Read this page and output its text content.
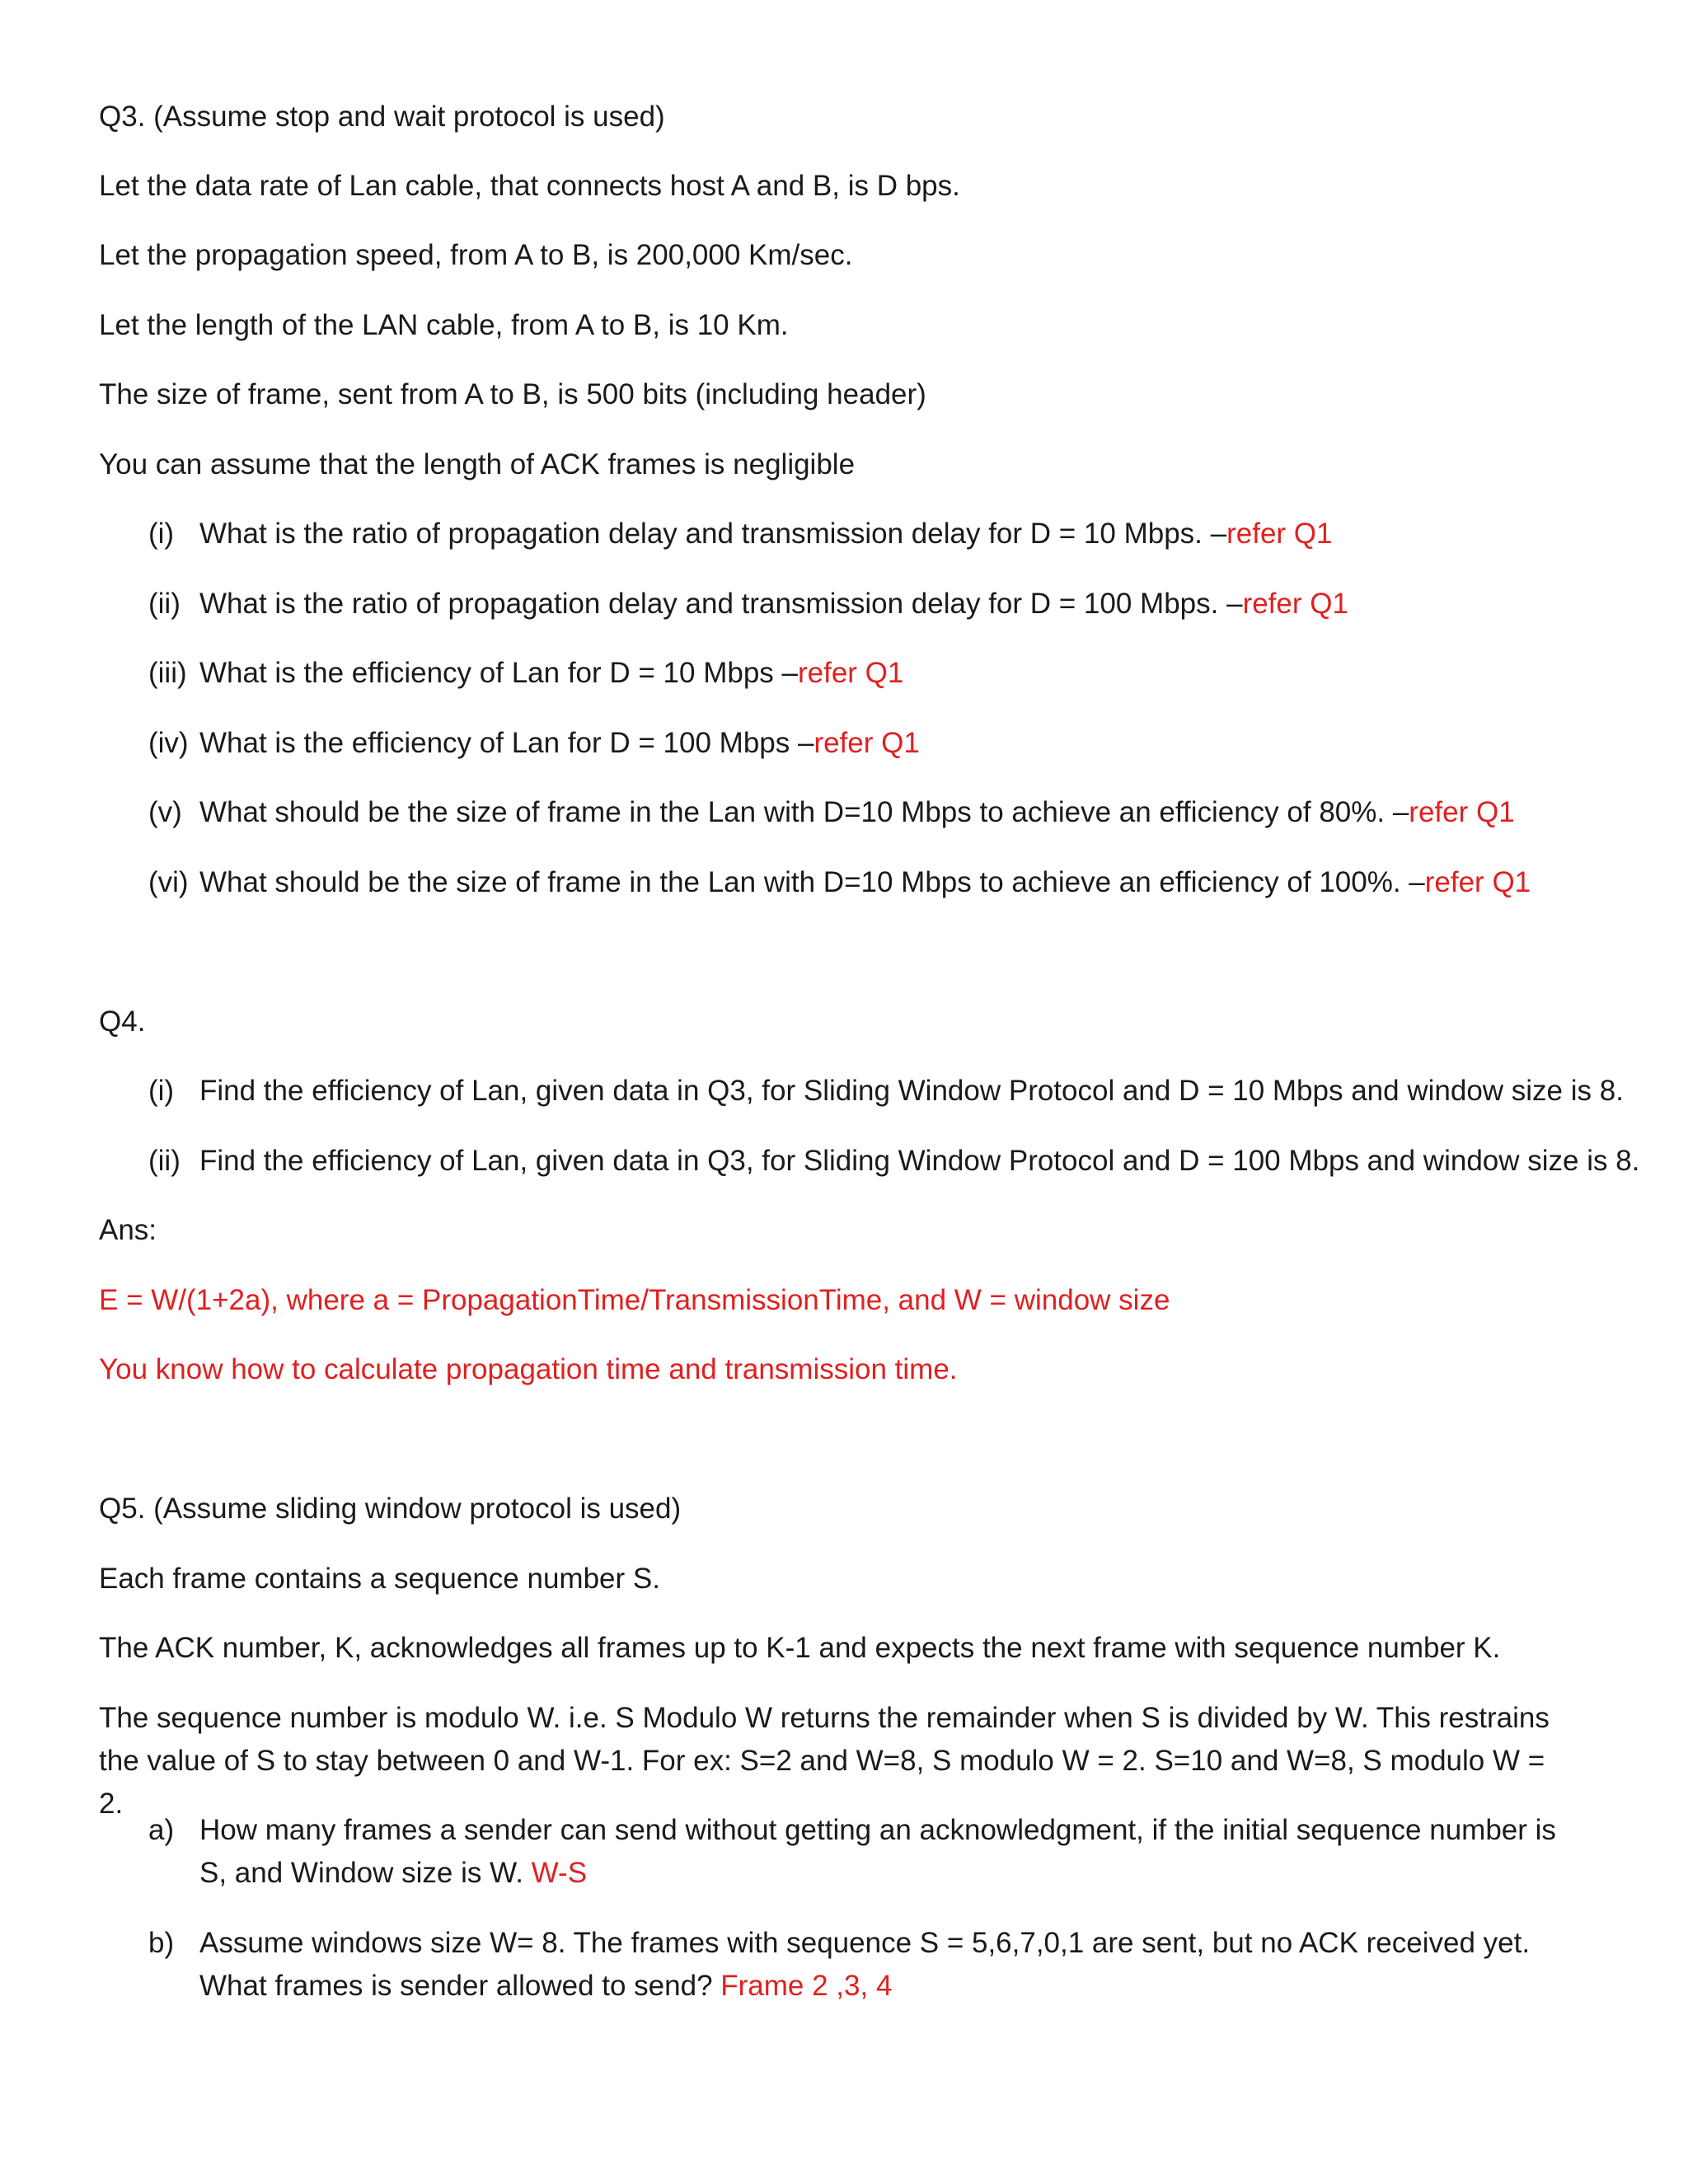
Q3. (Assume stop and wait protocol is used)
Let the data rate of Lan cable, that connects host A and B, is D bps.
Let the propagation speed, from A to B, is 200,000 Km/sec.
Let the length of the LAN cable, from A to B, is 10 Km.
The size of frame, sent from A to B, is 500 bits (including header)
You can assume that the length of ACK frames is negligible
(i) What is the ratio of propagation delay and transmission delay for D = 10 Mbps. –refer Q1
(ii) What is the ratio of propagation delay and transmission delay for D = 100 Mbps. –refer Q1
(iii) What is the efficiency of Lan for D = 10 Mbps –refer Q1
(iv) What is the efficiency of Lan for D = 100 Mbps –refer Q1
(v) What should be the size of frame in the Lan with D=10 Mbps to achieve an efficiency of 80%. –refer Q1
(vi) What should be the size of frame in the Lan with D=10 Mbps to achieve an efficiency of 100%. –refer Q1
Q4.
(i) Find the efficiency of Lan, given data in Q3, for Sliding Window Protocol and D = 10 Mbps and window size is 8.
(ii) Find the efficiency of Lan, given data in Q3, for Sliding Window Protocol and D = 100 Mbps and window size is 8.
Ans:
E = W/(1+2a), where a = PropagationTime/TransmissionTime, and W = window size
You know how to calculate propagation time and transmission time.
Q5. (Assume sliding window protocol is used)
Each frame contains a sequence number S.
The ACK number, K, acknowledges all frames up to K-1 and expects the next frame with sequence number K.
The sequence number is modulo W. i.e. S Modulo W returns the remainder when S is divided by W. This restrains the value of S to stay between 0 and W-1. For ex: S=2 and W=8, S modulo W = 2. S=10 and W=8, S modulo W = 2.
a) How many frames a sender can send without getting an acknowledgment, if the initial sequence number is S, and Window size is W. W-S
b) Assume windows size W= 8. The frames with sequence S = 5,6,7,0,1 are sent, but no ACK received yet. What frames is sender allowed to send? Frame 2 ,3, 4
